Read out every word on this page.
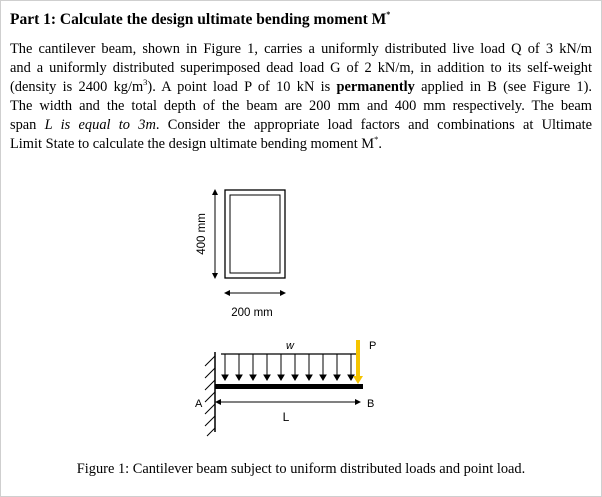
Part 1: Calculate the design ultimate bending moment M*
The cantilever beam, shown in Figure 1, carries a uniformly distributed live load Q of 3 kN/m
and a uniformly distributed superimposed dead load G of 2 kN/m, in addition to its self-weight
(density is 2400 $kg/m^3$). A point load P of 10 kN is permanently applied in B (see Figure 1).
The width and the total depth of the beam are 200 mm and 400 mm respectively. The beam
span L is equal to 3m. Consider the appropriate load factors and combinations at Ultimate
Limit State to calculate the design ultimate bending moment M*.
400 mm
200 mm
w	P
A	B
L
Figure 1: Cantilever beam subject to uniform distributed loads and point load.
